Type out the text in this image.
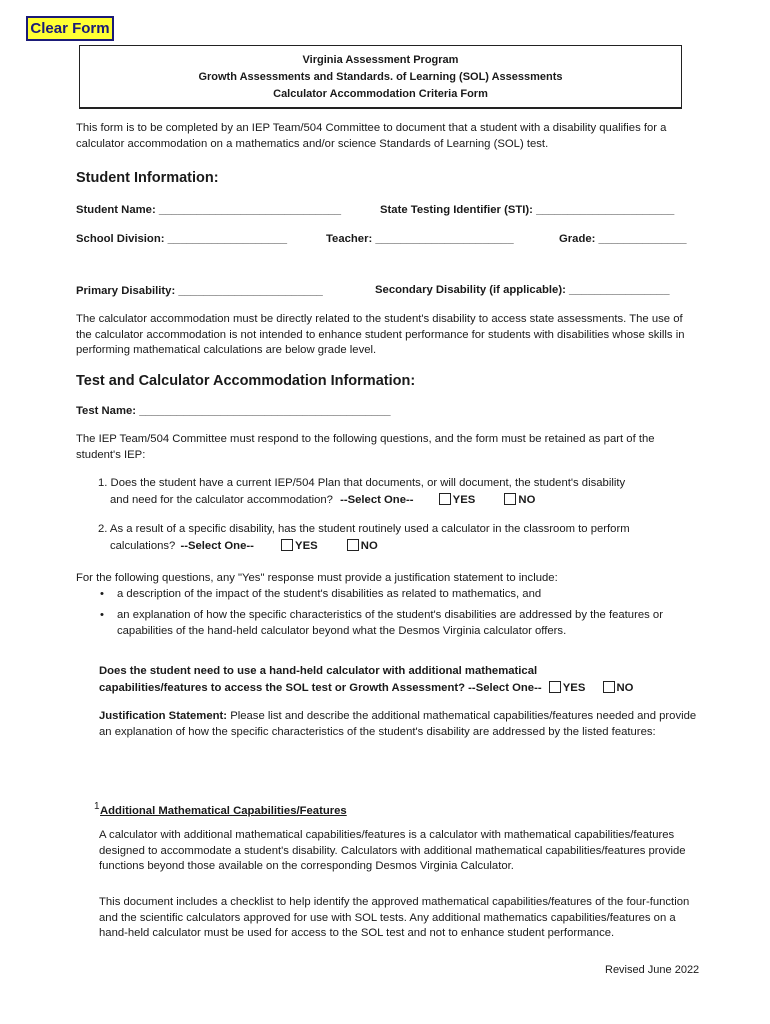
Clear Form
Virginia Assessment Program
Growth Assessments and Standards. of Learning (SOL) Assessments
Calculator Accommodation Criteria Form
This form is to be completed by an IEP Team/504 Committee to document that a student with a disability qualifies for a calculator accommodation on a mathematics and/or science Standards of Learning (SOL) test.
Student Information:
Student Name: _____________________________	State Testing Identifier (STI): ______________________
School Division: ___________________	Teacher: ______________________	Grade: ______________
Primary Disability: _______________________	Secondary Disability (if applicable): ________________
The calculator accommodation must be directly related to the student's disability to access state assessments. The use of the calculator accommodation is not intended to enhance student performance for students with disabilities whose skills in performing mathematical calculations are below grade level.
Test and Calculator Accommodation Information:
Test Name: ________________________________________
The IEP Team/504 Committee must respond to the following questions, and the form must be retained as part of the student's IEP:
1. Does the student have a current IEP/504 Plan that documents, or will document, the student's disability
and need for the calculator accommodation? --Select One--	YES	NO
2. As a result of a specific disability, has the student routinely used a calculator in the classroom to perform
calculations? --Select One--	YES	NO
For the following questions, any "Yes" response must provide a justification statement to include:
• a description of the impact of the student's disabilities as related to mathematics, and
• an explanation of how the specific characteristics of the student's disabilities are addressed by the features or capabilities of the hand-held calculator beyond what the Desmos Virginia calculator offers.
Does the student need to use a hand-held calculator with additional mathematical
capabilities/features to access the SOL test or Growth Assessment? --Select One-- YES	NO
Justification Statement: Please list and describe the additional mathematical capabilities/features needed and provide an explanation of how the specific characteristics of the student's disability are addressed by the listed features:
1 Additional Mathematical Capabilities/Features
A calculator with additional mathematical capabilities/features is a calculator with mathematical capabilities/features designed to accommodate a student's disability. Calculators with additional mathematical capabilities/features provide functions beyond those available on the corresponding Desmos Virginia Calculator.
This document includes a checklist to help identify the approved mathematical capabilities/features of the four-function and the scientific calculators approved for use with SOL tests. Any additional mathematics capabilities/features on a hand-held calculator must be used for access to the SOL test and not to enhance student performance.
Revised June 2022
